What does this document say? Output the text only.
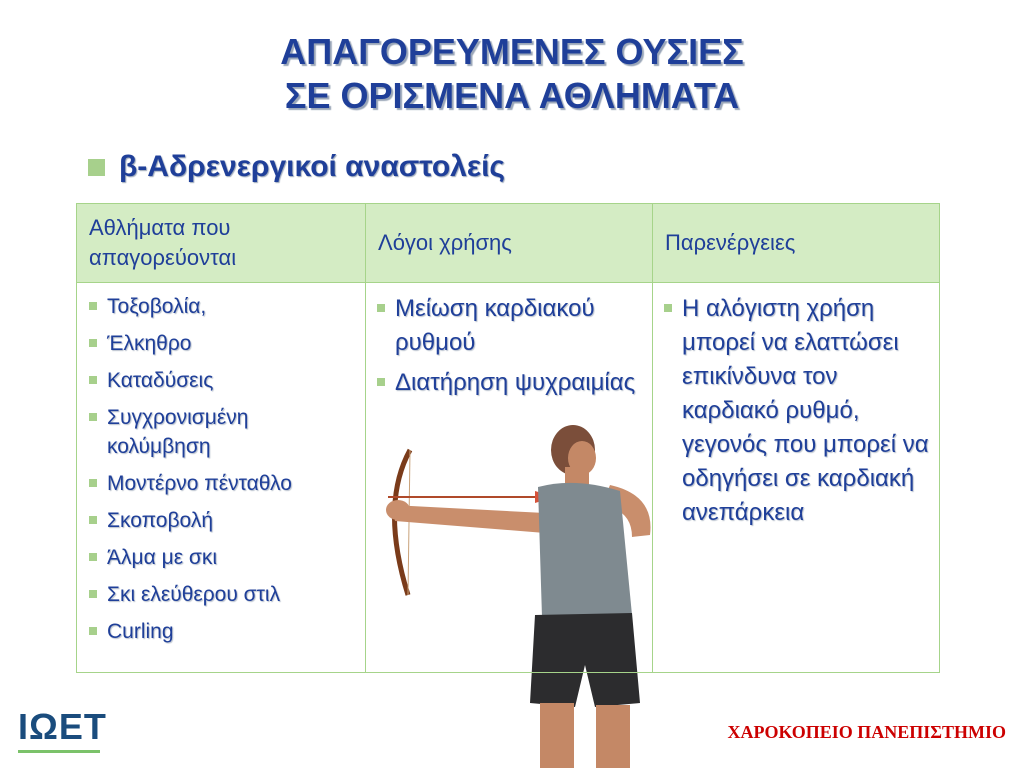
ΑΠΑΓΟΡΕΥΜΕΝΕΣ ΟΥΣΙΕΣ
ΣΕ ΟΡΙΣΜΕΝΑ ΑΘΛΗΜΑΤΑ
β-Αδρενεργικοί αναστολείς
Αθλήματα που απαγορεύονται
Λόγοι χρήσης	Παρενέργειες
Τοξοβολία,
Έλκηθρο
Καταδύσεις
Συγχρονισμένη κολύμβηση
Μοντέρνο πένταθλο
Σκοποβολή
Άλμα με σκι
Σκι ελεύθερου στιλ
Curling
Μείωση καρδιακού ρυθμού
Διατήρηση ψυχραιμίας
Η αλόγιστη χρήση μπορεί να ελαττώσει επικίνδυνα τον καρδιακό ρυθμό, γεγονός που μπορεί να οδηγήσει σε καρδιακή ανεπάρκεια
ΙΩΕΤ	ΧΑΡΟΚΟΠΕΙΟ ΠΑΝΕΠΙΣΤΗΜΙΟ
